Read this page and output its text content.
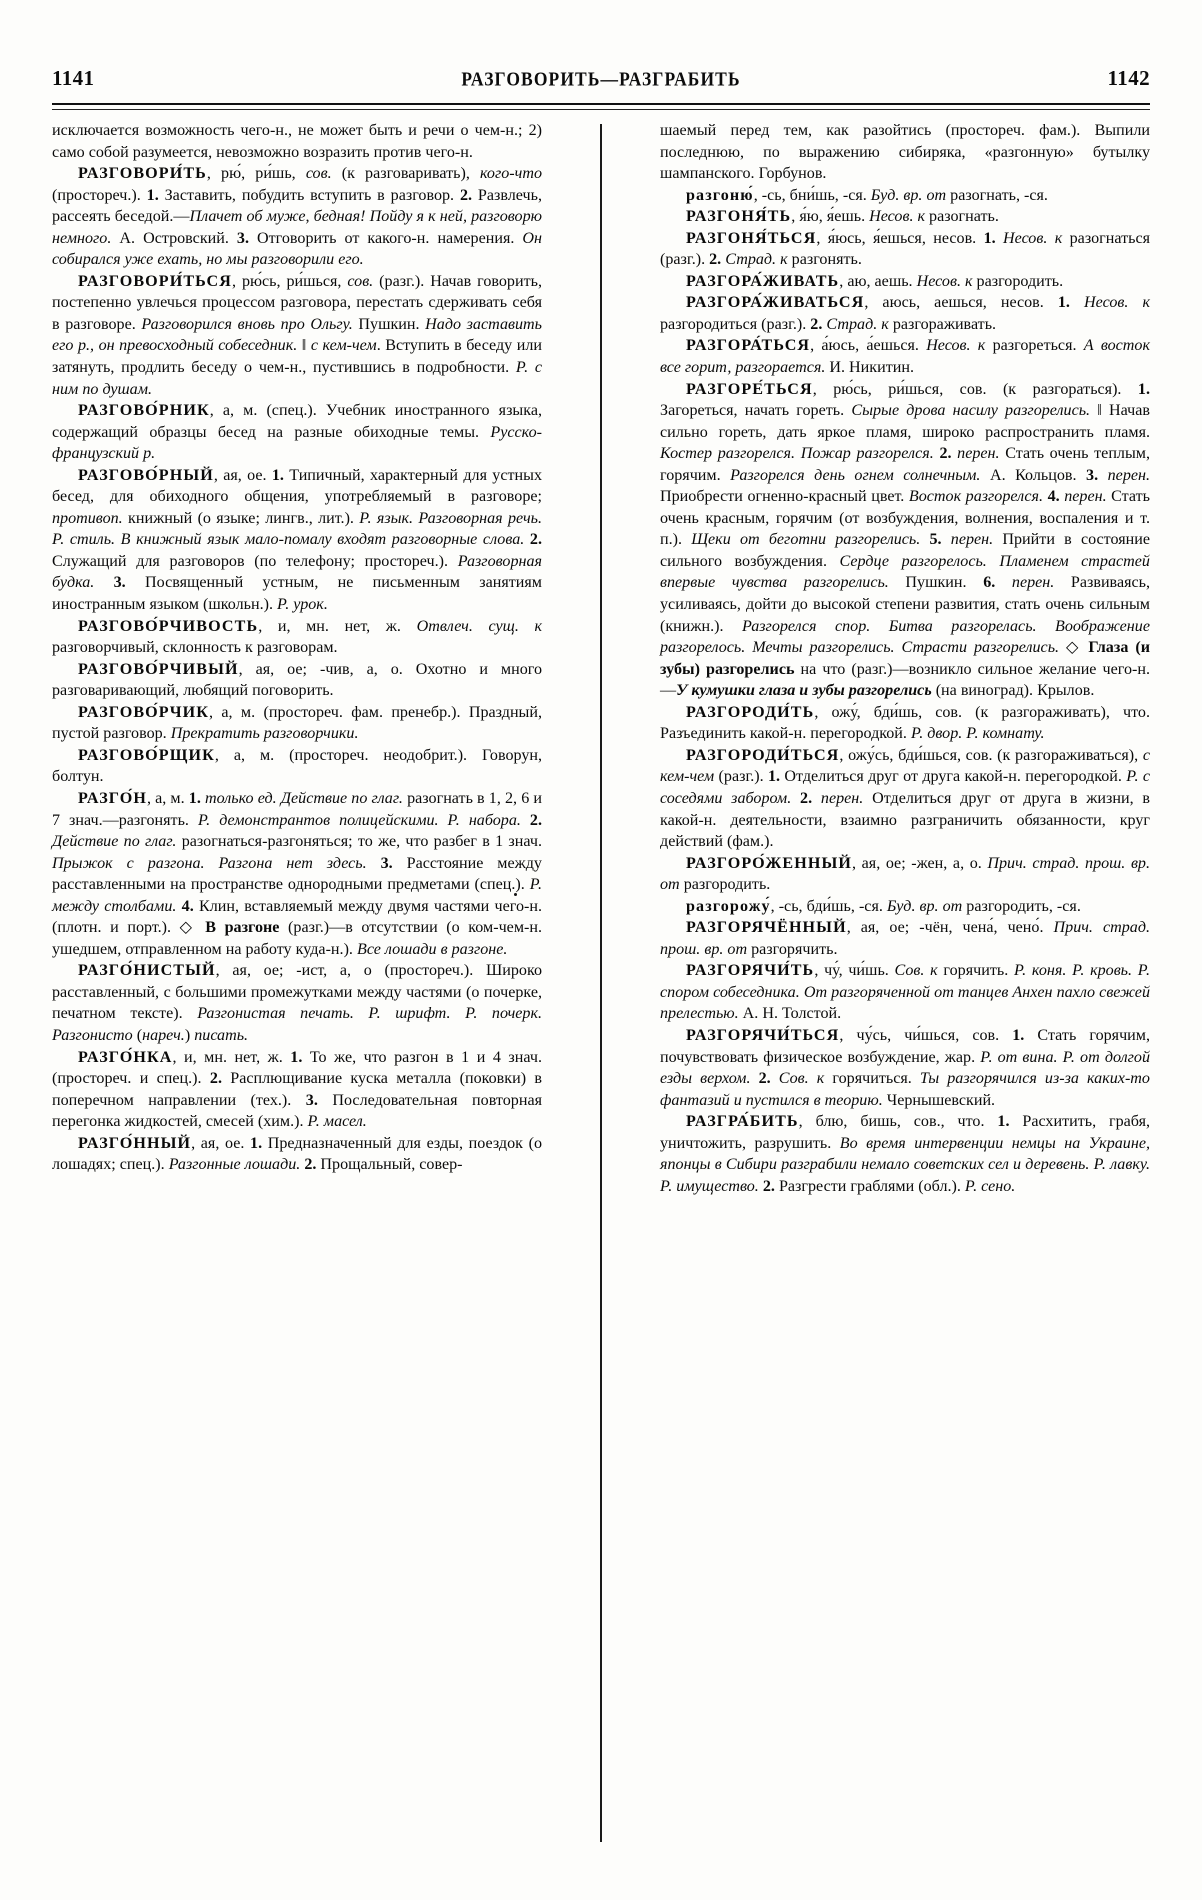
1141	РАЗГОВОРИТЬ—РАЗГРАБИТЬ	1142

исключается возможность чего-н., не может быть и речи о чем-н.; 2) само собой разумеется, невозможно возразить против чего-н.

РАЗГОВОРИ́ТЬ, рю́, ри́шь, сов. (к разговаривать), кого-что (простореч.). 1. Заставить, побудить вступить в разговор. 2. Развлечь, рассеять беседой.—Плачет об муже, бедная! Пойду я к ней, разговорю немного. А. Островский. 3. Отговорить от какого-н. намерения. Он собирался уже ехать, но мы разговорили его.

РАЗГОВОРИ́ТЬСЯ, рю́сь, ри́шься, сов. (разг.). Начав говорить, постепенно увлечься процессом разговора, перестать сдерживать себя в разговоре. Разговорился вновь про Ольгу. Пушкин. Надо заставить его р., он превосходный собеседник. ‖ с кем-чем. Вступить в беседу или затянуть, продлить беседу о чем-н., пустившись в подробности. Р. с ним по душам.

РАЗГОВО́РНИК, а, м. (спец.). Учебник иностранного языка, содержащий образцы бесед на разные обиходные темы. Русско-французский р.

РАЗГОВО́РНЫЙ, ая, ое. 1. Типичный, характерный для устных бесед, для обиходного общения, употребляемый в разговоре; противоп. книжный (о языке; лингв., лит.). Р. язык. Разговорная речь. Р. стиль. В книжный язык мало-помалу входят разговорные слова. 2. Служащий для разговоров (по телефону; простореч.). Разговорная будка. 3. Посвященный устным, не письменным занятиям иностранным языком (школьн.). Р. урок.

РАЗГОВО́РЧИВОСТЬ, и, мн. нет, ж. Отвлеч. сущ. к разговорчивый, склонность к разговорам.

РАЗГОВО́РЧИВЫЙ, ая, ое; -чив, а, о. Охотно и много разговаривающий, любящий поговорить.

РАЗГОВО́РЧИК, а, м. (простореч. фам. пренебр.). Праздный, пустой разговор. Прекратить разговорчики.

РАЗГОВО́РЩИК, а, м. (простореч. неодобрит.). Говорун, болтун.

РАЗГО́Н, а, м. 1. только ед. Действие по глаг. разогнать в 1, 2, 6 и 7 знач.—разгонять. Р. демонстрантов полицейскими. Р. набора. 2. Действие по глаг. разогнаться-разгоняться; то же, что разбег в 1 знач. Прыжок с разгона. Разгона нет здесь. 3. Расстояние между расставленными на пространстве однородными предметами (спец.). Р. между столбами. 4. Клин, вставляемый между двумя частями чего-н. (плотн. и порт.). ◇ В разгоне (разг.)—в отсутствии (о ком-чем-н. ушедшем, отправленном на работу куда-н.). Все лошади в разгоне.

РАЗГО́НИСТЫЙ, ая, ое; -ист, а, о (простореч.). Широко расставленный, с большими промежутками между частями (о почерке, печатном тексте). Разгонистая печать. Р. шрифт. Р. почерк. Разгонисто (нареч.) писать.

РАЗГО́НКА, и, мн. нет, ж. 1. То же, что разгон в 1 и 4 знач. (простореч. и спец.). 2. Расплющивание куска металла (поковки) в поперечном направлении (тех.). 3. Последовательная повторная перегонка жидкостей, смесей (хим.). Р. масел.

РАЗГО́ННЫЙ, ая, ое. 1. Предназначенный для езды, поездок (о лошадях; спец.). Разгонные лошади. 2. Прощальный, совер-

шаемый перед тем, как разойтись (простореч. фам.). Выпили последнюю, по выражению сибиряка, «разгонную» бутылку шампанского. Горбунов.

разгоню́, -сь, бни́шь, -ся. Буд. вр. от разогнать, -ся.

РАЗГОНЯ́ТЬ, я́ю, я́ешь. Несов. к разогнать.

РАЗГОНЯ́ТЬСЯ, я́юсь, я́ешься, несов. 1. Несов. к разогнаться (разг.). 2. Страд. к разгонять.

РАЗГОРА́ЖИВАТЬ, аю, аешь. Несов. к разгородить.

РАЗГОРА́ЖИВАТЬСЯ, аюсь, аешься, несов. 1. Несов. к разгородиться (разг.). 2. Страд. к разгораживать.

РАЗГОРА́ТЬСЯ, а́юсь, а́ешься. Несов. к разгореться. А восток все горит, разгорается. И. Никитин.

РАЗГОРЕ́ТЬСЯ, рю́сь, ри́шься, сов. (к разгораться). 1. Загореться, начать гореть. Сырые дрова насилу разгорелись. ‖ Начав сильно гореть, дать яркое пламя, широко распространить пламя. Костер разгорелся. Пожар разгорелся. 2. перен. Стать очень теплым, горячим. Разгорелся день огнем солнечным. А. Кольцов. 3. перен. Приобрести огненно-красный цвет. Восток разгорелся. 4. перен. Стать очень красным, горячим (от возбуждения, волнения, воспаления и т. п.). Щеки от беготни разгорелись. 5. перен. Прийти в состояние сильного возбуждения. Сердце разгорелось. Пламенем страстей впервые чувства разгорелись. Пушкин. 6. перен. Развиваясь, усиливаясь, дойти до высокой степени развития, стать очень сильным (книжн.). Разгорелся спор. Битва разгорелась. Воображение разгорелось. Мечты разгорелись. Страсти разгорелись. ◇ Глаза (и зубы) разгорелись на что (разг.)—возникло сильное желание чего-н.—У кумушки глаза и зубы разгорелись (на виноград). Крылов.

РАЗГОРОДИ́ТЬ, ожу́, бди́шь, сов. (к разгораживать), что. Разъединить какой-н. перегородкой. Р. двор. Р. комнату.

РАЗГОРОДИ́ТЬСЯ, ожу́сь, бди́шься, сов. (к разгораживаться), с кем-чем (разг.). 1. Отделиться друг от друга какой-н. перегородкой. Р. с соседями забором. 2. перен. Отделиться друг от друга в жизни, в какой-н. деятельности, взаимно разграничить обязанности, круг действий (фам.).

РАЗГОРО́ЖЕННЫЙ, ая, ое; -жен, а, о. Прич. страд. прош. вр. от разгородить.

разгорожу́, -сь, бди́шь, -ся. Буд. вр. от разгородить, -ся.

РАЗГОРЯЧЁННЫЙ, ая, ое; -чён, чена́, чено́. Прич. страд. прош. вр. от разгорячить.

РАЗГОРЯЧИ́ТЬ, чу́, чи́шь. Сов. к горячить. Р. коня. Р. кровь. Р. спором собеседника. От разгоряченной от танцев Анхен пахло свежей прелестью. А. Н. Толстой.

РАЗГОРЯЧИ́ТЬСЯ, чу́сь, чи́шься, сов. 1. Стать горячим, почувствовать физическое возбуждение, жар. Р. от вина. Р. от долгой езды верхом. 2. Сов. к горячиться. Ты разгорячился из-за каких-то фантазий и пустился в теорию. Чернышевский.

РАЗГРА́БИТЬ, блю, бишь, сов., что. 1. Расхитить, грабя, уничтожить, разрушить. Во время интервенции немцы на Украине, японцы в Сибири разграбили немало советских сел и деревень. Р. лавку. Р. имущество. 2. Разгрести граблями (обл.). Р. сено.
